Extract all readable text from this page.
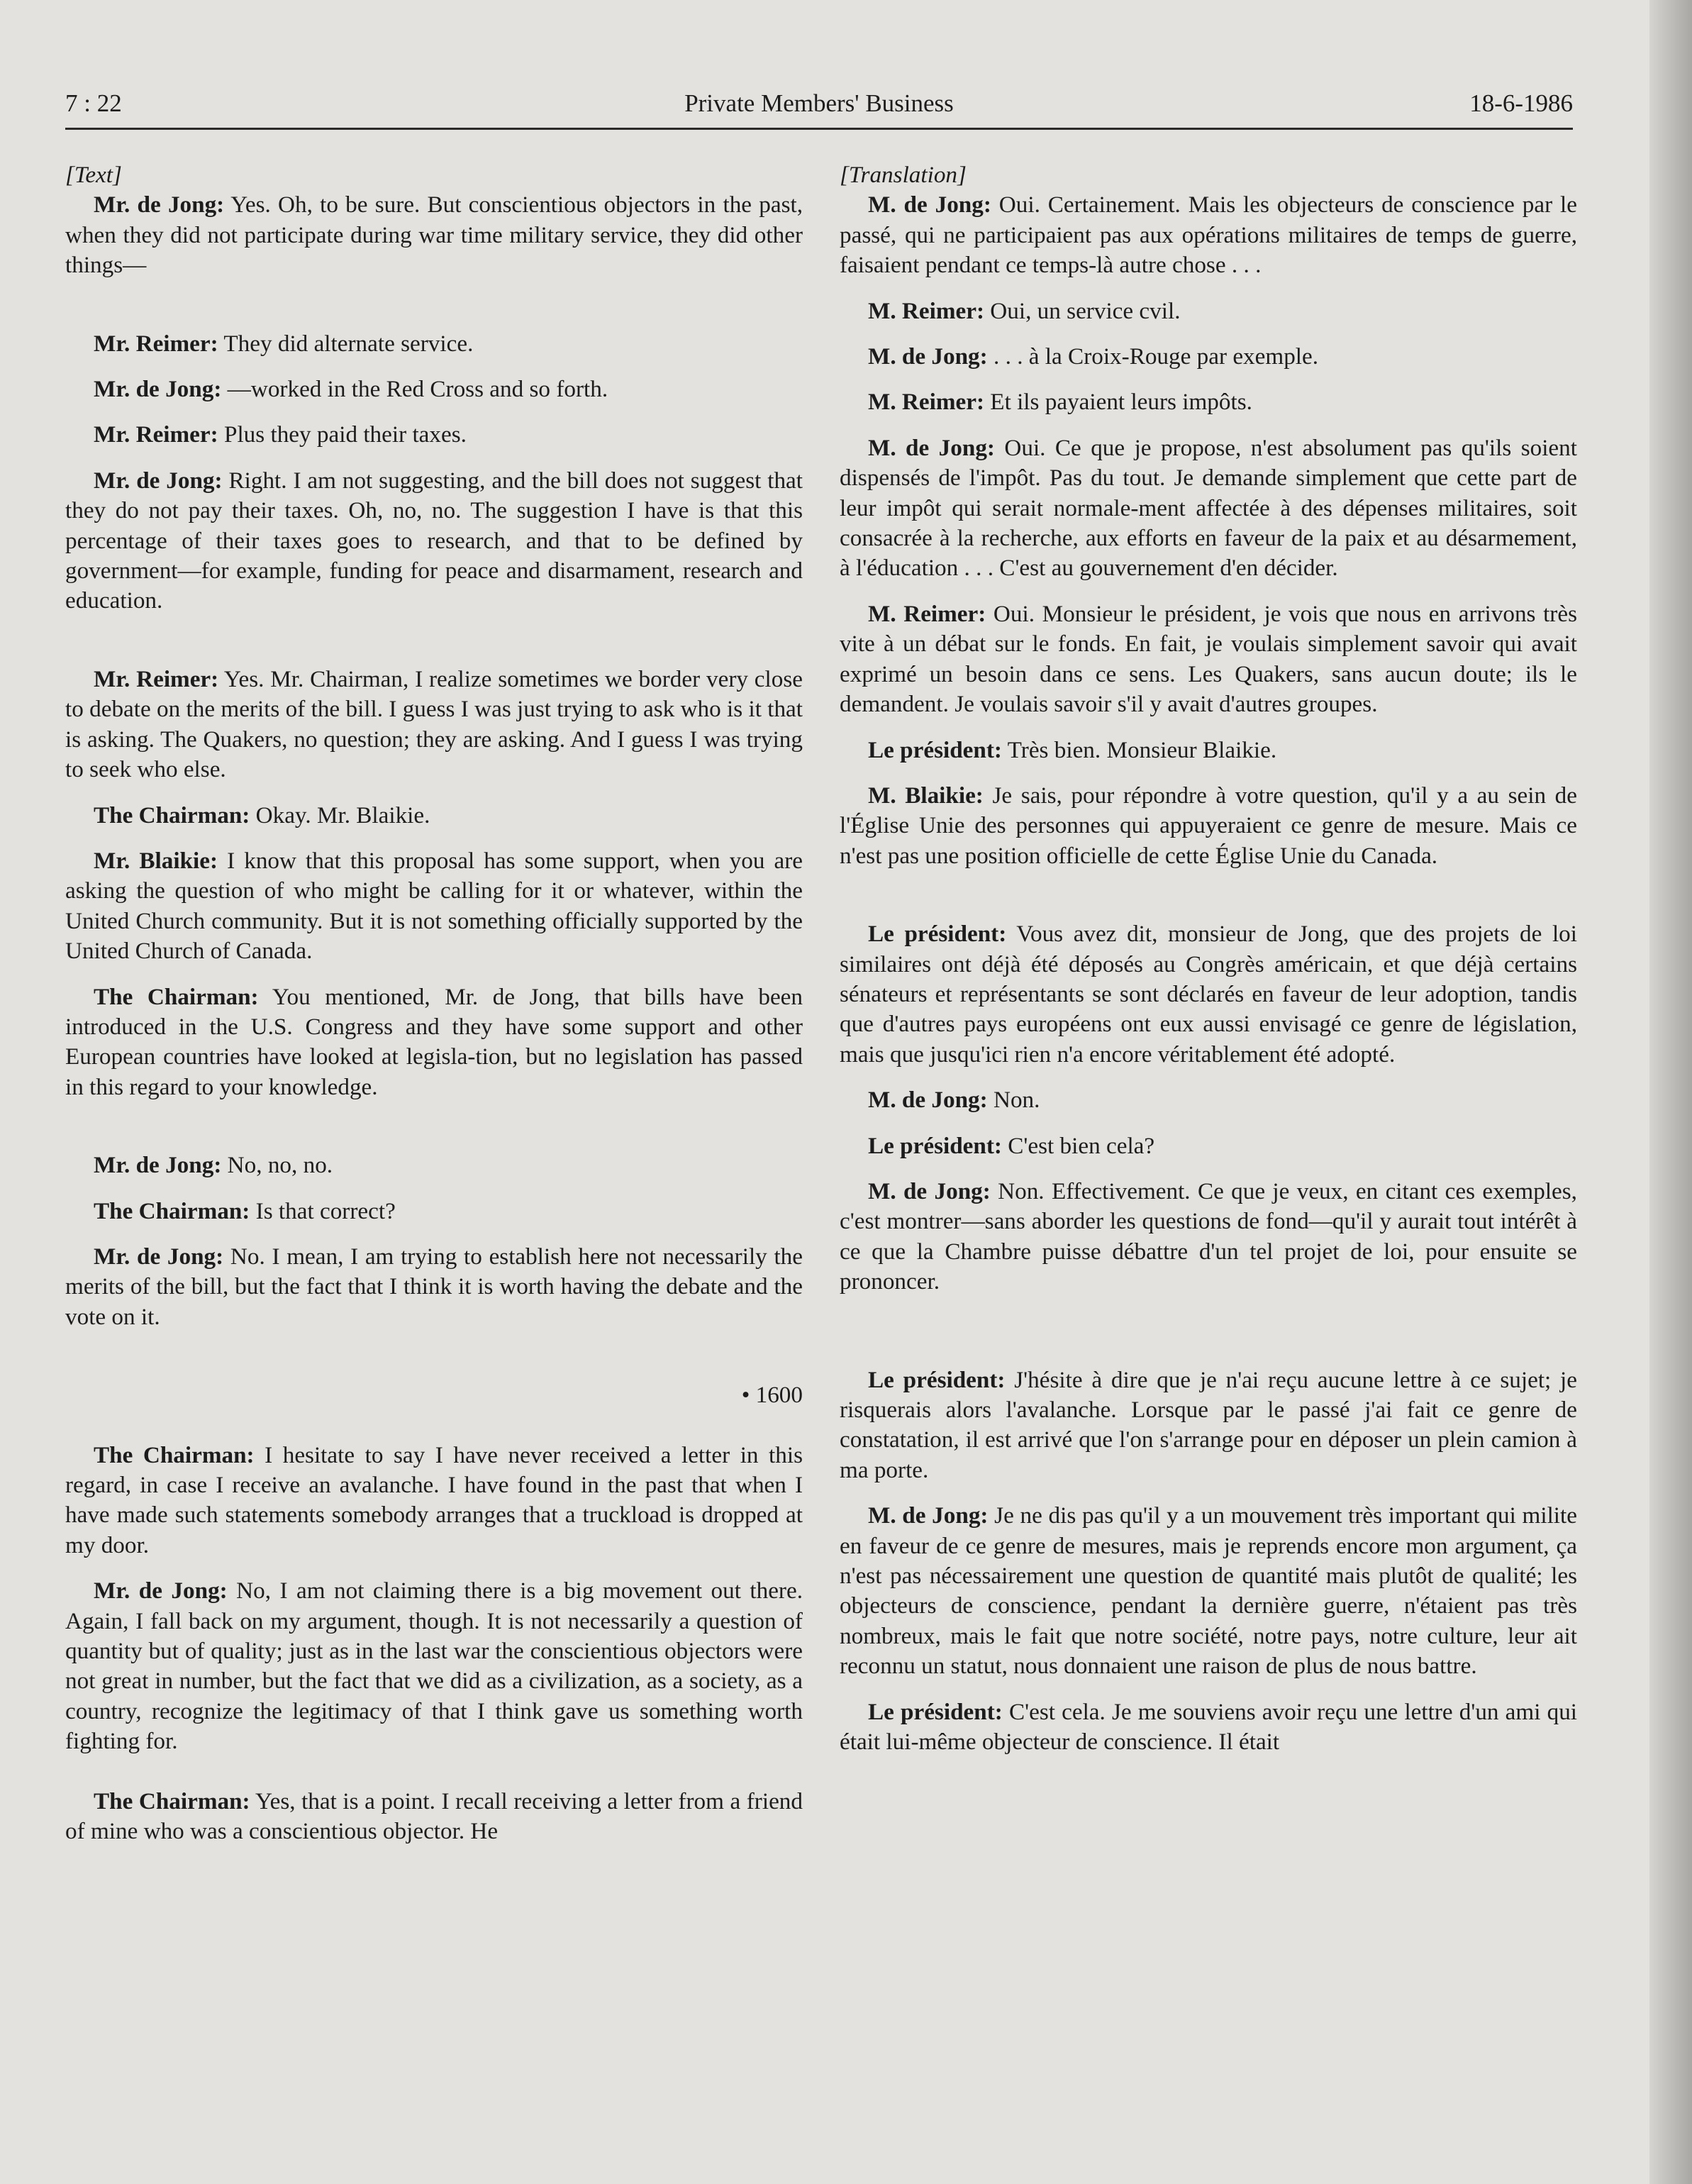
7 : 22	Private Members' Business	18-6-1986

[Text]

Mr. de Jong: Yes. Oh, to be sure. But conscientious objectors in the past, when they did not participate during war time military service, they did other things—

Mr. Reimer: They did alternate service.

Mr. de Jong: —worked in the Red Cross and so forth.

Mr. Reimer: Plus they paid their taxes.

Mr. de Jong: Right. I am not suggesting, and the bill does not suggest that they do not pay their taxes. Oh, no, no. The suggestion I have is that this percentage of their taxes goes to research, and that to be defined by government—for example, funding for peace and disarmament, research and education.

Mr. Reimer: Yes. Mr. Chairman, I realize sometimes we border very close to debate on the merits of the bill. I guess I was just trying to ask who is it that is asking. The Quakers, no question; they are asking. And I guess I was trying to seek who else.

The Chairman: Okay. Mr. Blaikie.

Mr. Blaikie: I know that this proposal has some support, when you are asking the question of who might be calling for it or whatever, within the United Church community. But it is not something officially supported by the United Church of Canada.

The Chairman: You mentioned, Mr. de Jong, that bills have been introduced in the U.S. Congress and they have some support and other European countries have looked at legisla-tion, but no legislation has passed in this regard to your knowledge.

Mr. de Jong: No, no, no.

The Chairman: Is that correct?

Mr. de Jong: No. I mean, I am trying to establish here not necessarily the merits of the bill, but the fact that I think it is worth having the debate and the vote on it.

• 1600

The Chairman: I hesitate to say I have never received a letter in this regard, in case I receive an avalanche. I have found in the past that when I have made such statements somebody arranges that a truckload is dropped at my door.

Mr. de Jong: No, I am not claiming there is a big movement out there. Again, I fall back on my argument, though. It is not necessarily a question of quantity but of quality; just as in the last war the conscientious objectors were not great in number, but the fact that we did as a civilization, as a society, as a country, recognize the legitimacy of that I think gave us something worth fighting for.

The Chairman: Yes, that is a point. I recall receiving a letter from a friend of mine who was a conscientious objector. He

[Translation]

M. de Jong: Oui. Certainement. Mais les objecteurs de conscience par le passé, qui ne participaient pas aux opérations militaires de temps de guerre, faisaient pendant ce temps-là autre chose . . .

M. Reimer: Oui, un service cvil.

M. de Jong: . . . à la Croix-Rouge par exemple.

M. Reimer: Et ils payaient leurs impôts.

M. de Jong: Oui. Ce que je propose, n'est absolument pas qu'ils soient dispensés de l'impôt. Pas du tout. Je demande simplement que cette part de leur impôt qui serait normale-ment affectée à des dépenses militaires, soit consacrée à la recherche, aux efforts en faveur de la paix et au désarmement, à l'éducation . . . C'est au gouvernement d'en décider.

M. Reimer: Oui. Monsieur le président, je vois que nous en arrivons très vite à un débat sur le fonds. En fait, je voulais simplement savoir qui avait exprimé un besoin dans ce sens. Les Quakers, sans aucun doute; ils le demandent. Je voulais savoir s'il y avait d'autres groupes.

Le président: Très bien. Monsieur Blaikie.

M. Blaikie: Je sais, pour répondre à votre question, qu'il y a au sein de l'Église Unie des personnes qui appuyeraient ce genre de mesure. Mais ce n'est pas une position officielle de cette Église Unie du Canada.

Le président: Vous avez dit, monsieur de Jong, que des projets de loi similaires ont déjà été déposés au Congrès américain, et que déjà certains sénateurs et représentants se sont déclarés en faveur de leur adoption, tandis que d'autres pays européens ont eux aussi envisagé ce genre de législation, mais que jusqu'ici rien n'a encore véritablement été adopté.

M. de Jong: Non.

Le président: C'est bien cela?

M. de Jong: Non. Effectivement. Ce que je veux, en citant ces exemples, c'est montrer—sans aborder les questions de fond—qu'il y aurait tout intérêt à ce que la Chambre puisse débattre d'un tel projet de loi, pour ensuite se prononcer.

Le président: J'hésite à dire que je n'ai reçu aucune lettre à ce sujet; je risquerais alors l'avalanche. Lorsque par le passé j'ai fait ce genre de constatation, il est arrivé que l'on s'arrange pour en déposer un plein camion à ma porte.

M. de Jong: Je ne dis pas qu'il y a un mouvement très important qui milite en faveur de ce genre de mesures, mais je reprends encore mon argument, ça n'est pas nécessairement une question de quantité mais plutôt de qualité; les objecteurs de conscience, pendant la dernière guerre, n'étaient pas très nombreux, mais le fait que notre société, notre pays, notre culture, leur ait reconnu un statut, nous donnaient une raison de plus de nous battre.

Le président: C'est cela. Je me souviens avoir reçu une lettre d'un ami qui était lui-même objecteur de conscience. Il était
